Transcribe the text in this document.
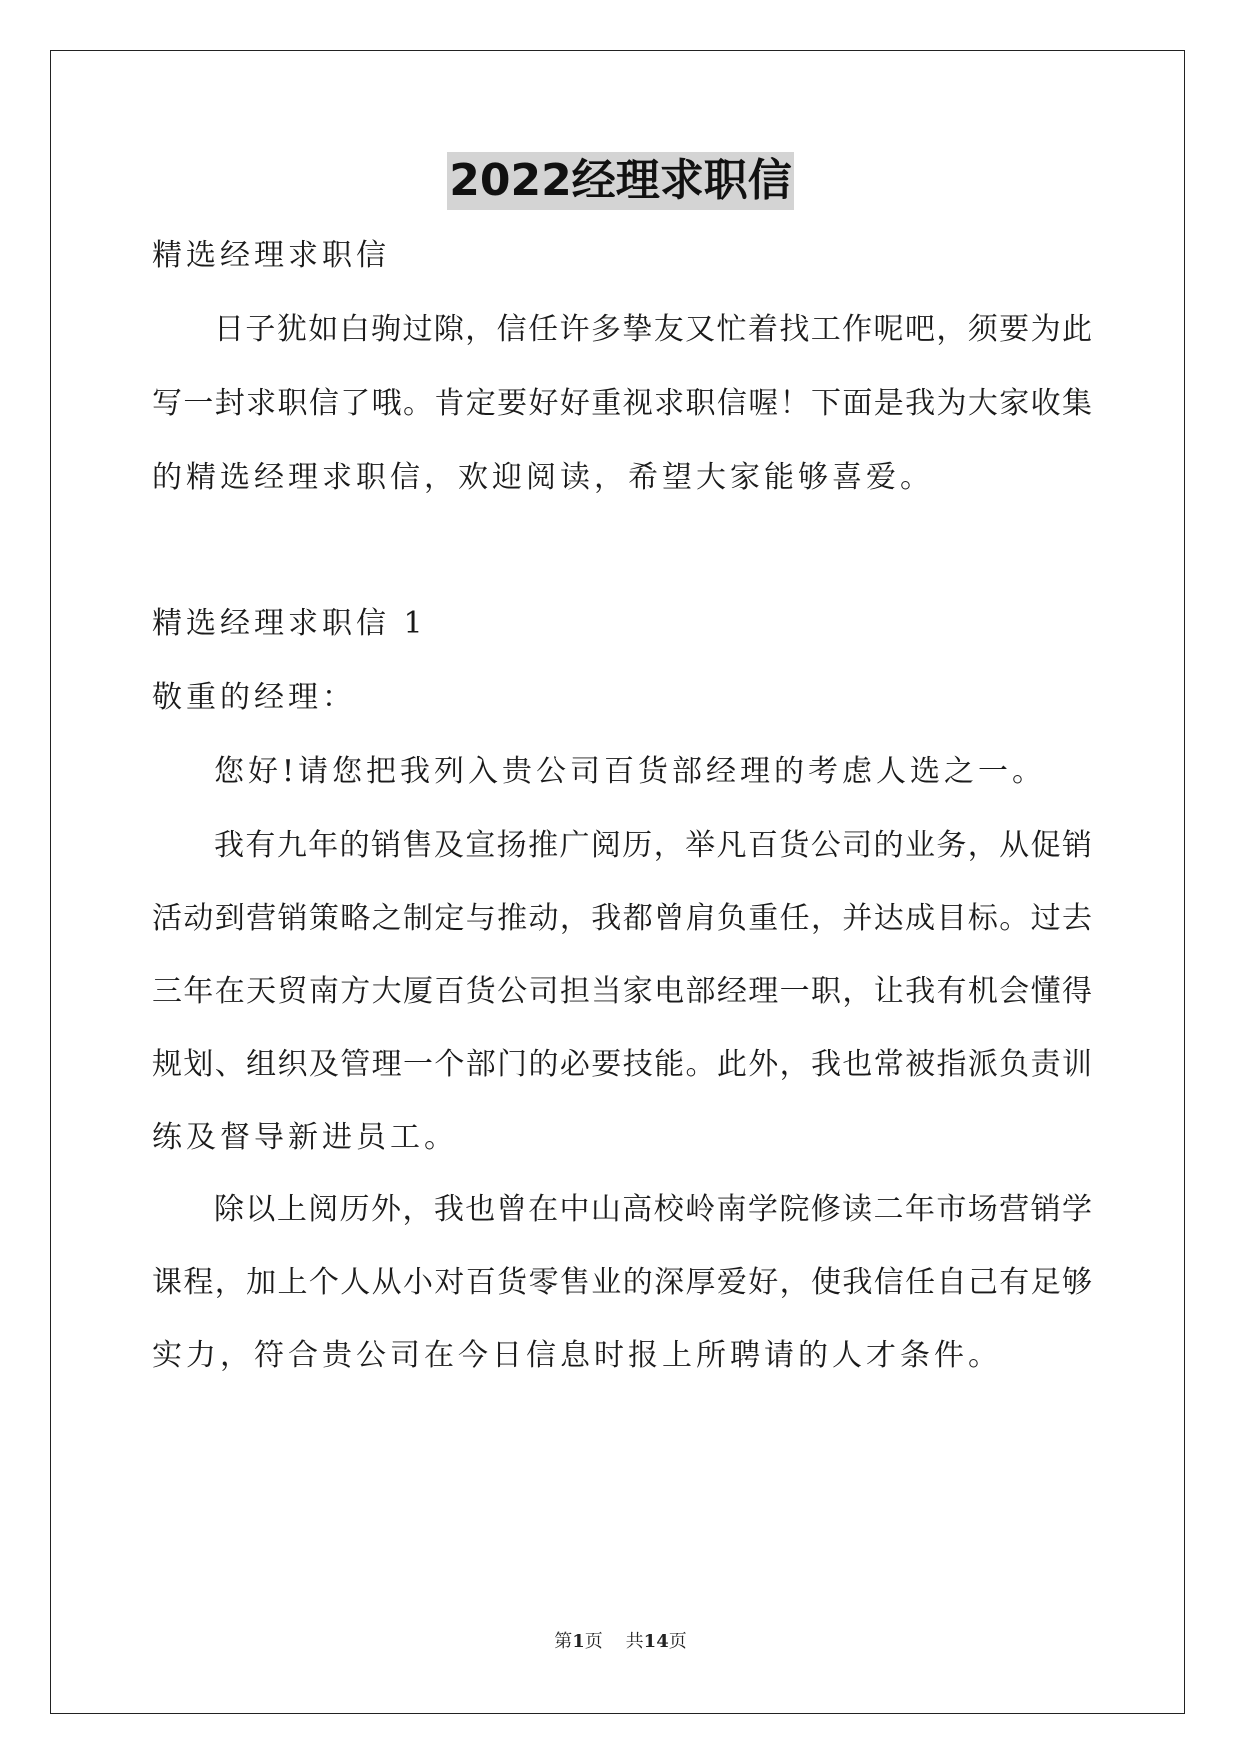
2022经理求职信
精选经理求职信
日子犹如白驹过隙，信任许多挚友又忙着找工作呢吧，须要为此
写一封求职信了哦。肯定要好好重视求职信喔！下面是我为大家收集
的精选经理求职信，欢迎阅读，希望大家能够喜爱。
精选经理求职信 1
敬重的经理：
您好!请您把我列入贵公司百货部经理的考虑人选之一。
我有九年的销售及宣扬推广阅历，举凡百货公司的业务，从促销
活动到营销策略之制定与推动，我都曾肩负重任，并达成目标。过去
三年在天贸南方大厦百货公司担当家电部经理一职，让我有机会懂得
规划、组织及管理一个部门的必要技能。此外，我也常被指派负责训
练及督导新进员工。
除以上阅历外，我也曾在中山高校岭南学院修读二年市场营销学
课程，加上个人从小对百货零售业的深厚爱好，使我信任自己有足够
实力，符合贵公司在今日信息时报上所聘请的人才条件。
第1页 共14页
